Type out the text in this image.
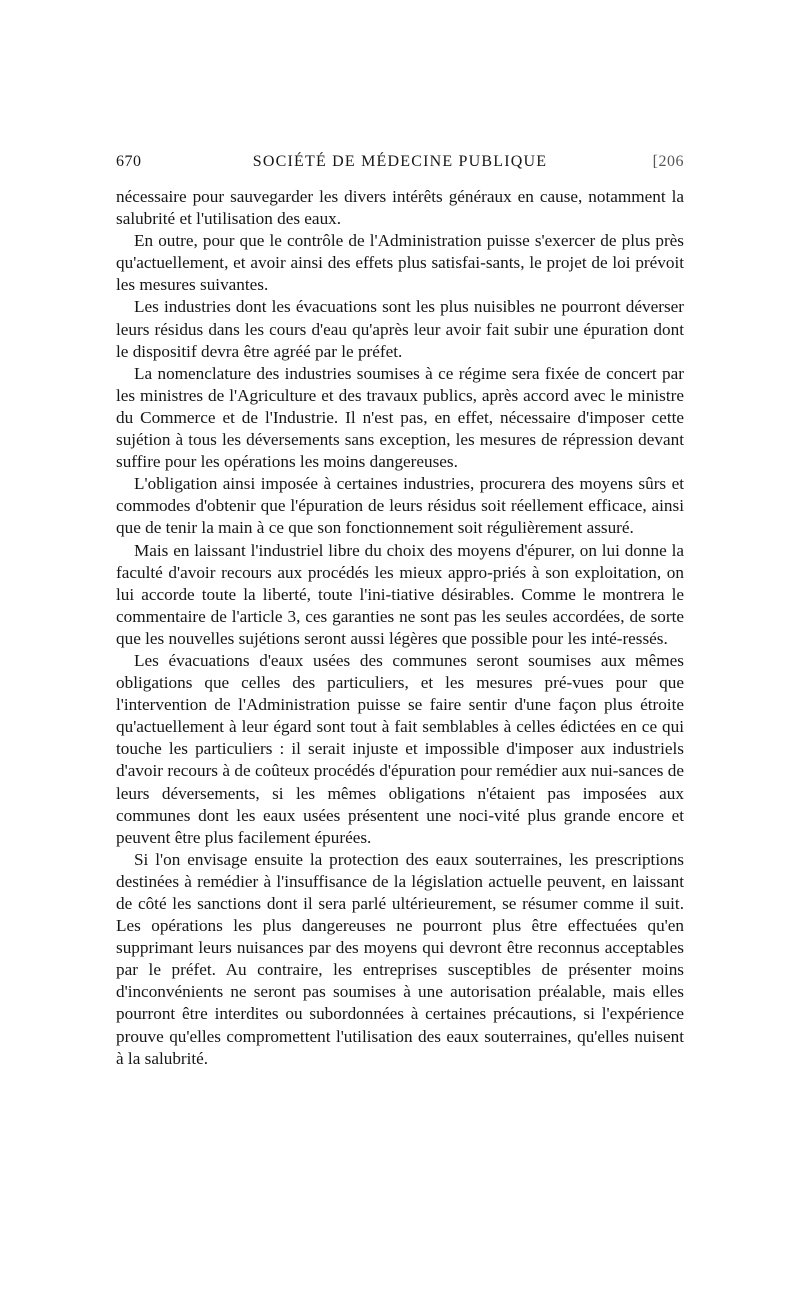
670	SOCIÉTÉ DE MÉDECINE PUBLIQUE	[206

nécessaire pour sauvegarder les divers intérêts généraux en cause, notamment la salubrité et l'utilisation des eaux.

En outre, pour que le contrôle de l'Administration puisse s'exercer de plus près qu'actuellement, et avoir ainsi des effets plus satisfai-sants, le projet de loi prévoit les mesures suivantes.

Les industries dont les évacuations sont les plus nuisibles ne pourront déverser leurs résidus dans les cours d'eau qu'après leur avoir fait subir une épuration dont le dispositif devra être agréé par le préfet.

La nomenclature des industries soumises à ce régime sera fixée de concert par les ministres de l'Agriculture et des travaux publics, après accord avec le ministre du Commerce et de l'Industrie. Il n'est pas, en effet, nécessaire d'imposer cette sujétion à tous les déversements sans exception, les mesures de répression devant suffire pour les opérations les moins dangereuses.

L'obligation ainsi imposée à certaines industries, procurera des moyens sûrs et commodes d'obtenir que l'épuration de leurs résidus soit réellement efficace, ainsi que de tenir la main à ce que son fonctionnement soit régulièrement assuré.

Mais en laissant l'industriel libre du choix des moyens d'épurer, on lui donne la faculté d'avoir recours aux procédés les mieux appro-priés à son exploitation, on lui accorde toute la liberté, toute l'ini-tiative désirables. Comme le montrera le commentaire de l'article 3, ces garanties ne sont pas les seules accordées, de sorte que les nouvelles sujétions seront aussi légères que possible pour les inté-ressés.

Les évacuations d'eaux usées des communes seront soumises aux mêmes obligations que celles des particuliers, et les mesures pré-vues pour que l'intervention de l'Administration puisse se faire sentir d'une façon plus étroite qu'actuellement à leur égard sont tout à fait semblables à celles édictées en ce qui touche les particuliers : il serait injuste et impossible d'imposer aux industriels d'avoir recours à de coûteux procédés d'épuration pour remédier aux nui-sances de leurs déversements, si les mêmes obligations n'étaient pas imposées aux communes dont les eaux usées présentent une noci-vité plus grande encore et peuvent être plus facilement épurées.

Si l'on envisage ensuite la protection des eaux souterraines, les prescriptions destinées à remédier à l'insuffisance de la législation actuelle peuvent, en laissant de côté les sanctions dont il sera parlé ultérieurement, se résumer comme il suit. Les opérations les plus dangereuses ne pourront plus être effectuées qu'en supprimant leurs nuisances par des moyens qui devront être reconnus acceptables par le préfet. Au contraire, les entreprises susceptibles de présenter moins d'inconvénients ne seront pas soumises à une autorisation préalable, mais elles pourront être interdites ou subordonnées à certaines précautions, si l'expérience prouve qu'elles compromettent l'utilisation des eaux souterraines, qu'elles nuisent à la salubrité.
